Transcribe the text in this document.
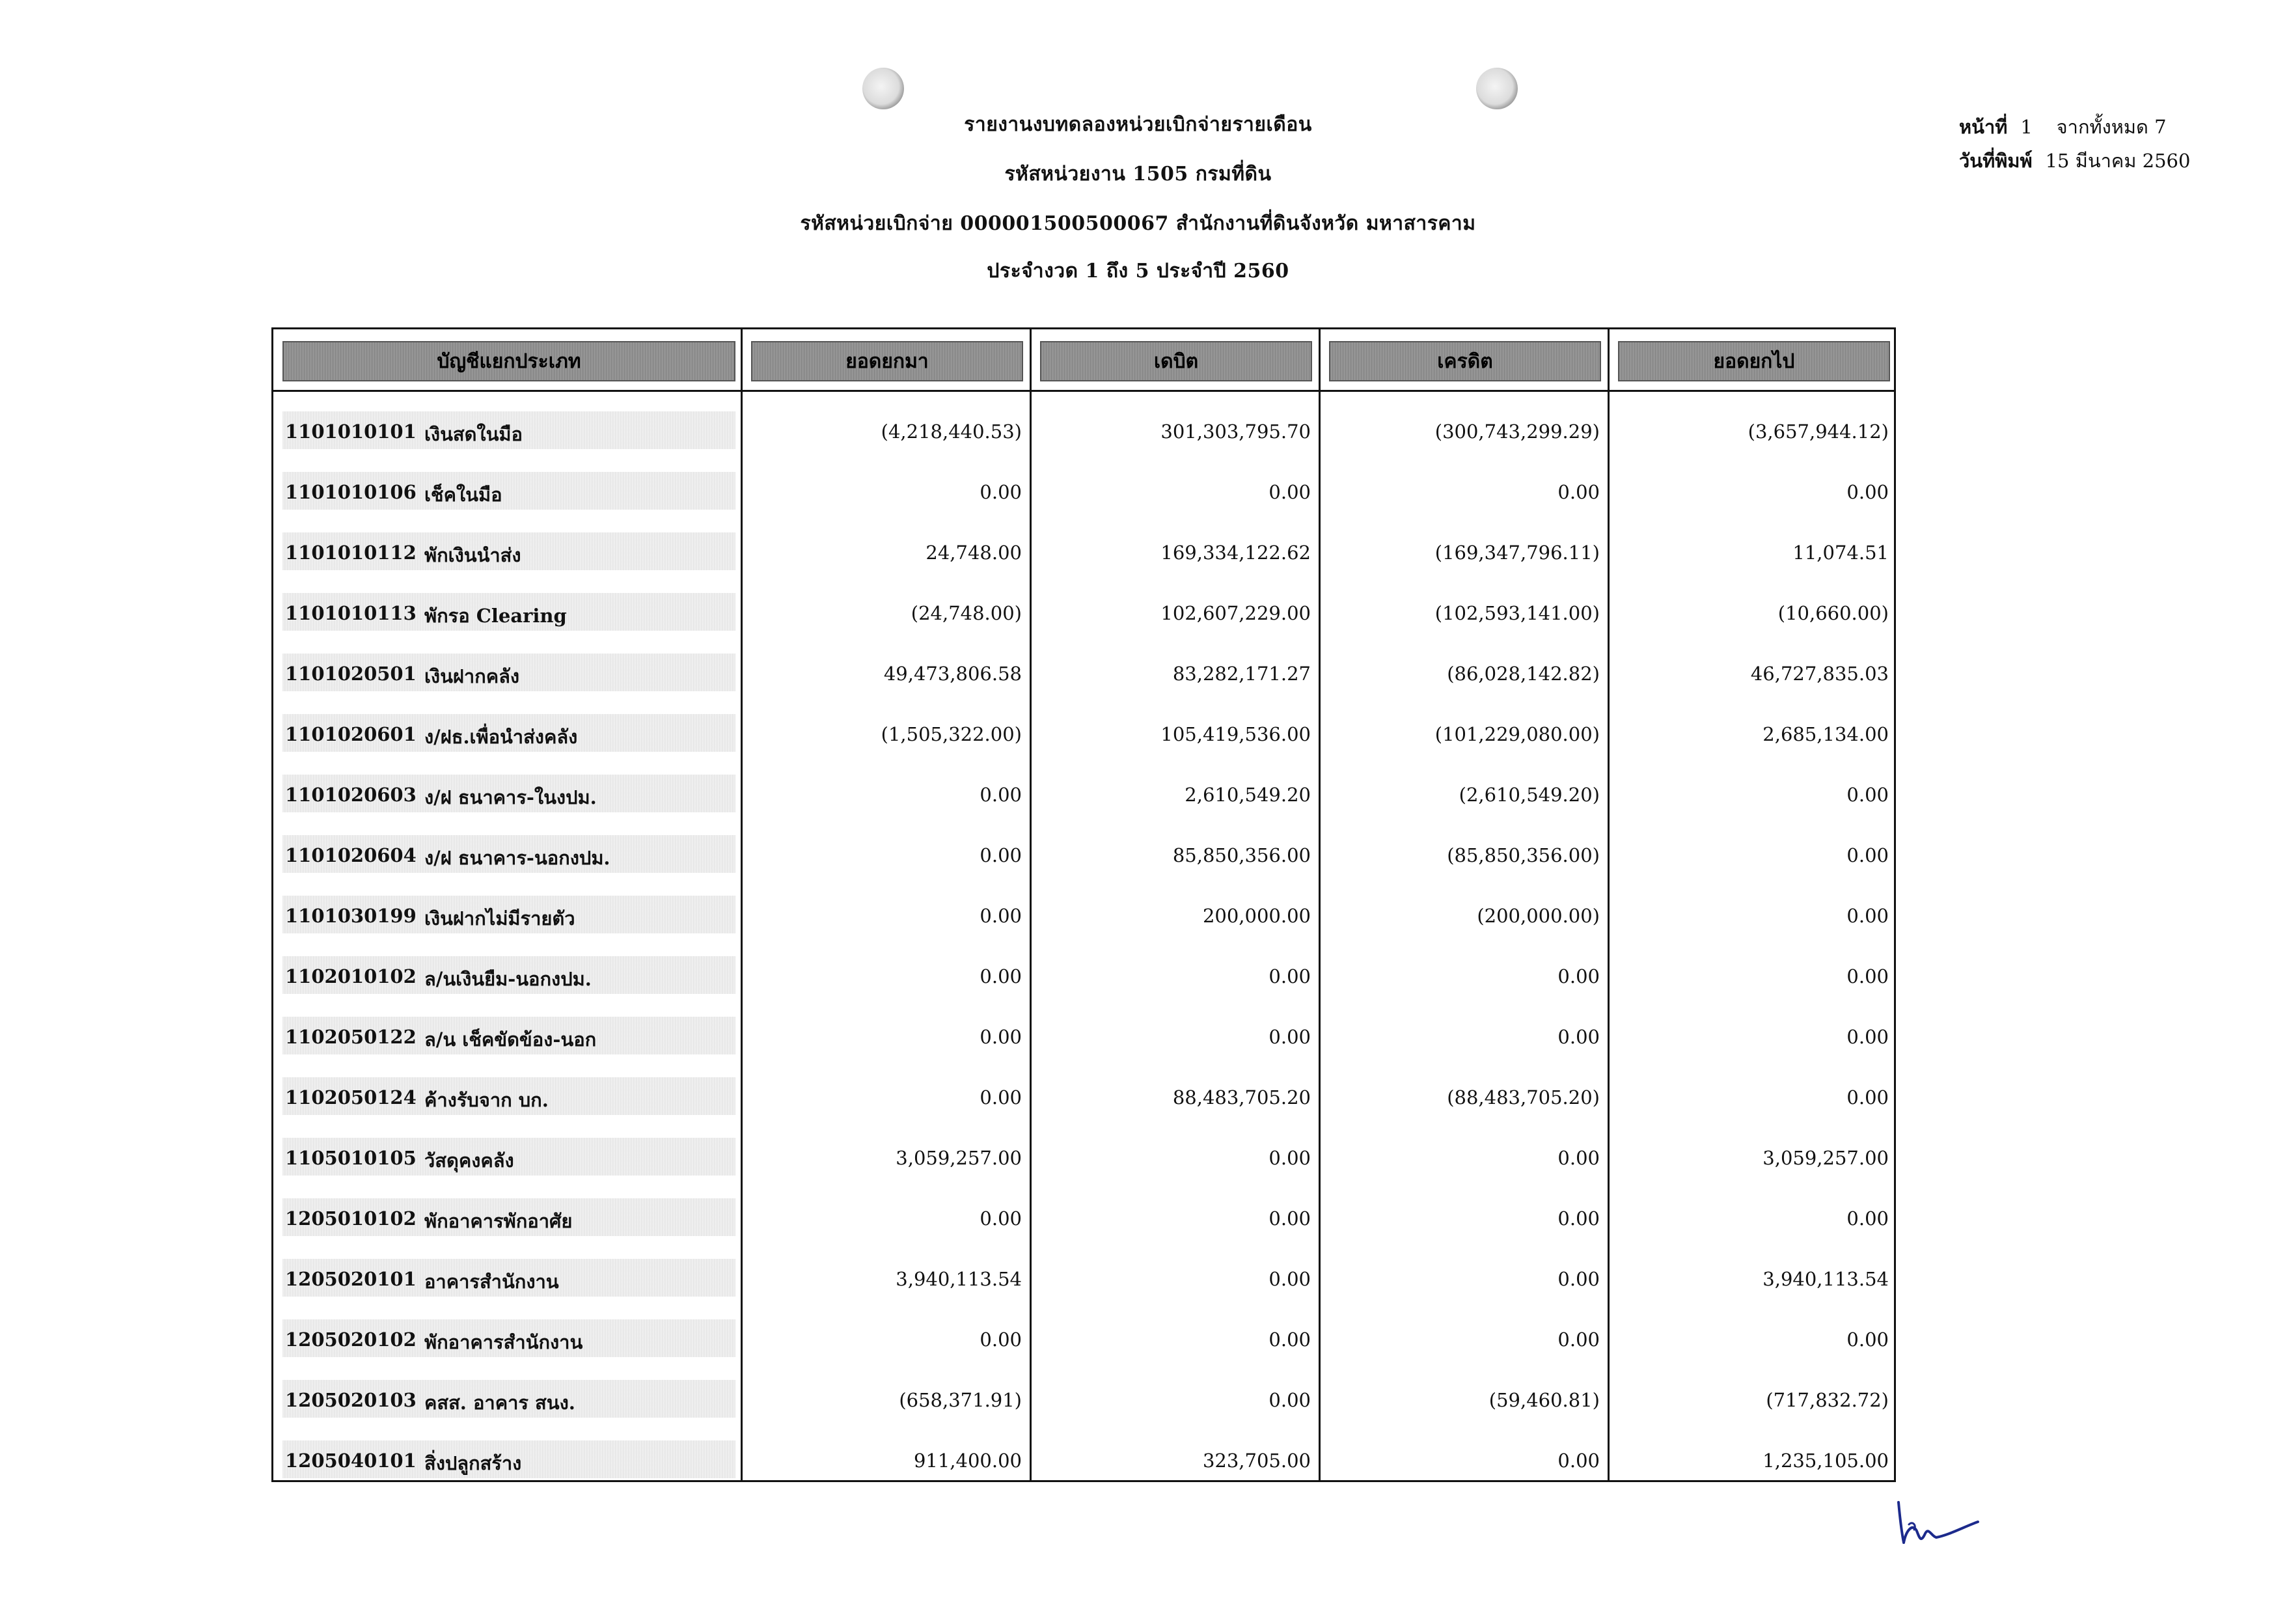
รายงานงบทดลองหน่วยเบิกจ่ายรายเดือน
รหัสหน่วยงาน 1505 กรมที่ดิน
รหัสหน่วยเบิกจ่าย 000001500500067 สำนักงานที่ดินจังหวัด มหาสารคาม
ประจำงวด 1 ถึง 5 ประจำปี 2560
หน้าที่ 1    จากทั้งหมด 7
วันที่พิมพ์ 15 มีนาคม 2560
บัญชีแยกประเภท	ยอดยกมา	เดบิต	เครดิต	ยอดยกไป
1101010101 เงินสดในมือ	(4,218,440.53)	301,303,795.70	(300,743,299.29)	(3,657,944.12)
1101010106 เช็คในมือ	0.00	0.00	0.00	0.00
1101010112 พักเงินนำส่ง	24,748.00	169,334,122.62	(169,347,796.11)	11,074.51
1101010113 พักรอ Clearing	(24,748.00)	102,607,229.00	(102,593,141.00)	(10,660.00)
1101020501 เงินฝากคลัง	49,473,806.58	83,282,171.27	(86,028,142.82)	46,727,835.03
1101020601 ง/ฝธ.เพื่อนำส่งคลัง	(1,505,322.00)	105,419,536.00	(101,229,080.00)	2,685,134.00
1101020603 ง/ฝ ธนาคาร-ในงปม.	0.00	2,610,549.20	(2,610,549.20)	0.00
1101020604 ง/ฝ ธนาคาร-นอกงปม.	0.00	85,850,356.00	(85,850,356.00)	0.00
1101030199 เงินฝากไม่มีรายตัว	0.00	200,000.00	(200,000.00)	0.00
1102010102 ล/นเงินยืม-นอกงปม.	0.00	0.00	0.00	0.00
1102050122 ล/น เช็คขัดข้อง-นอก	0.00	0.00	0.00	0.00
1102050124 ค้างรับจาก บก.	0.00	88,483,705.20	(88,483,705.20)	0.00
1105010105 วัสดุคงคลัง	3,059,257.00	0.00	0.00	3,059,257.00
1205010102 พักอาคารพักอาศัย	0.00	0.00	0.00	0.00
1205020101 อาคารสำนักงาน	3,940,113.54	0.00	0.00	3,940,113.54
1205020102 พักอาคารสำนักงาน	0.00	0.00	0.00	0.00
1205020103 คสส. อาคาร สนง.	(658,371.91)	0.00	(59,460.81)	(717,832.72)
1205040101 สิ่งปลูกสร้าง	911,400.00	323,705.00	0.00	1,235,105.00
